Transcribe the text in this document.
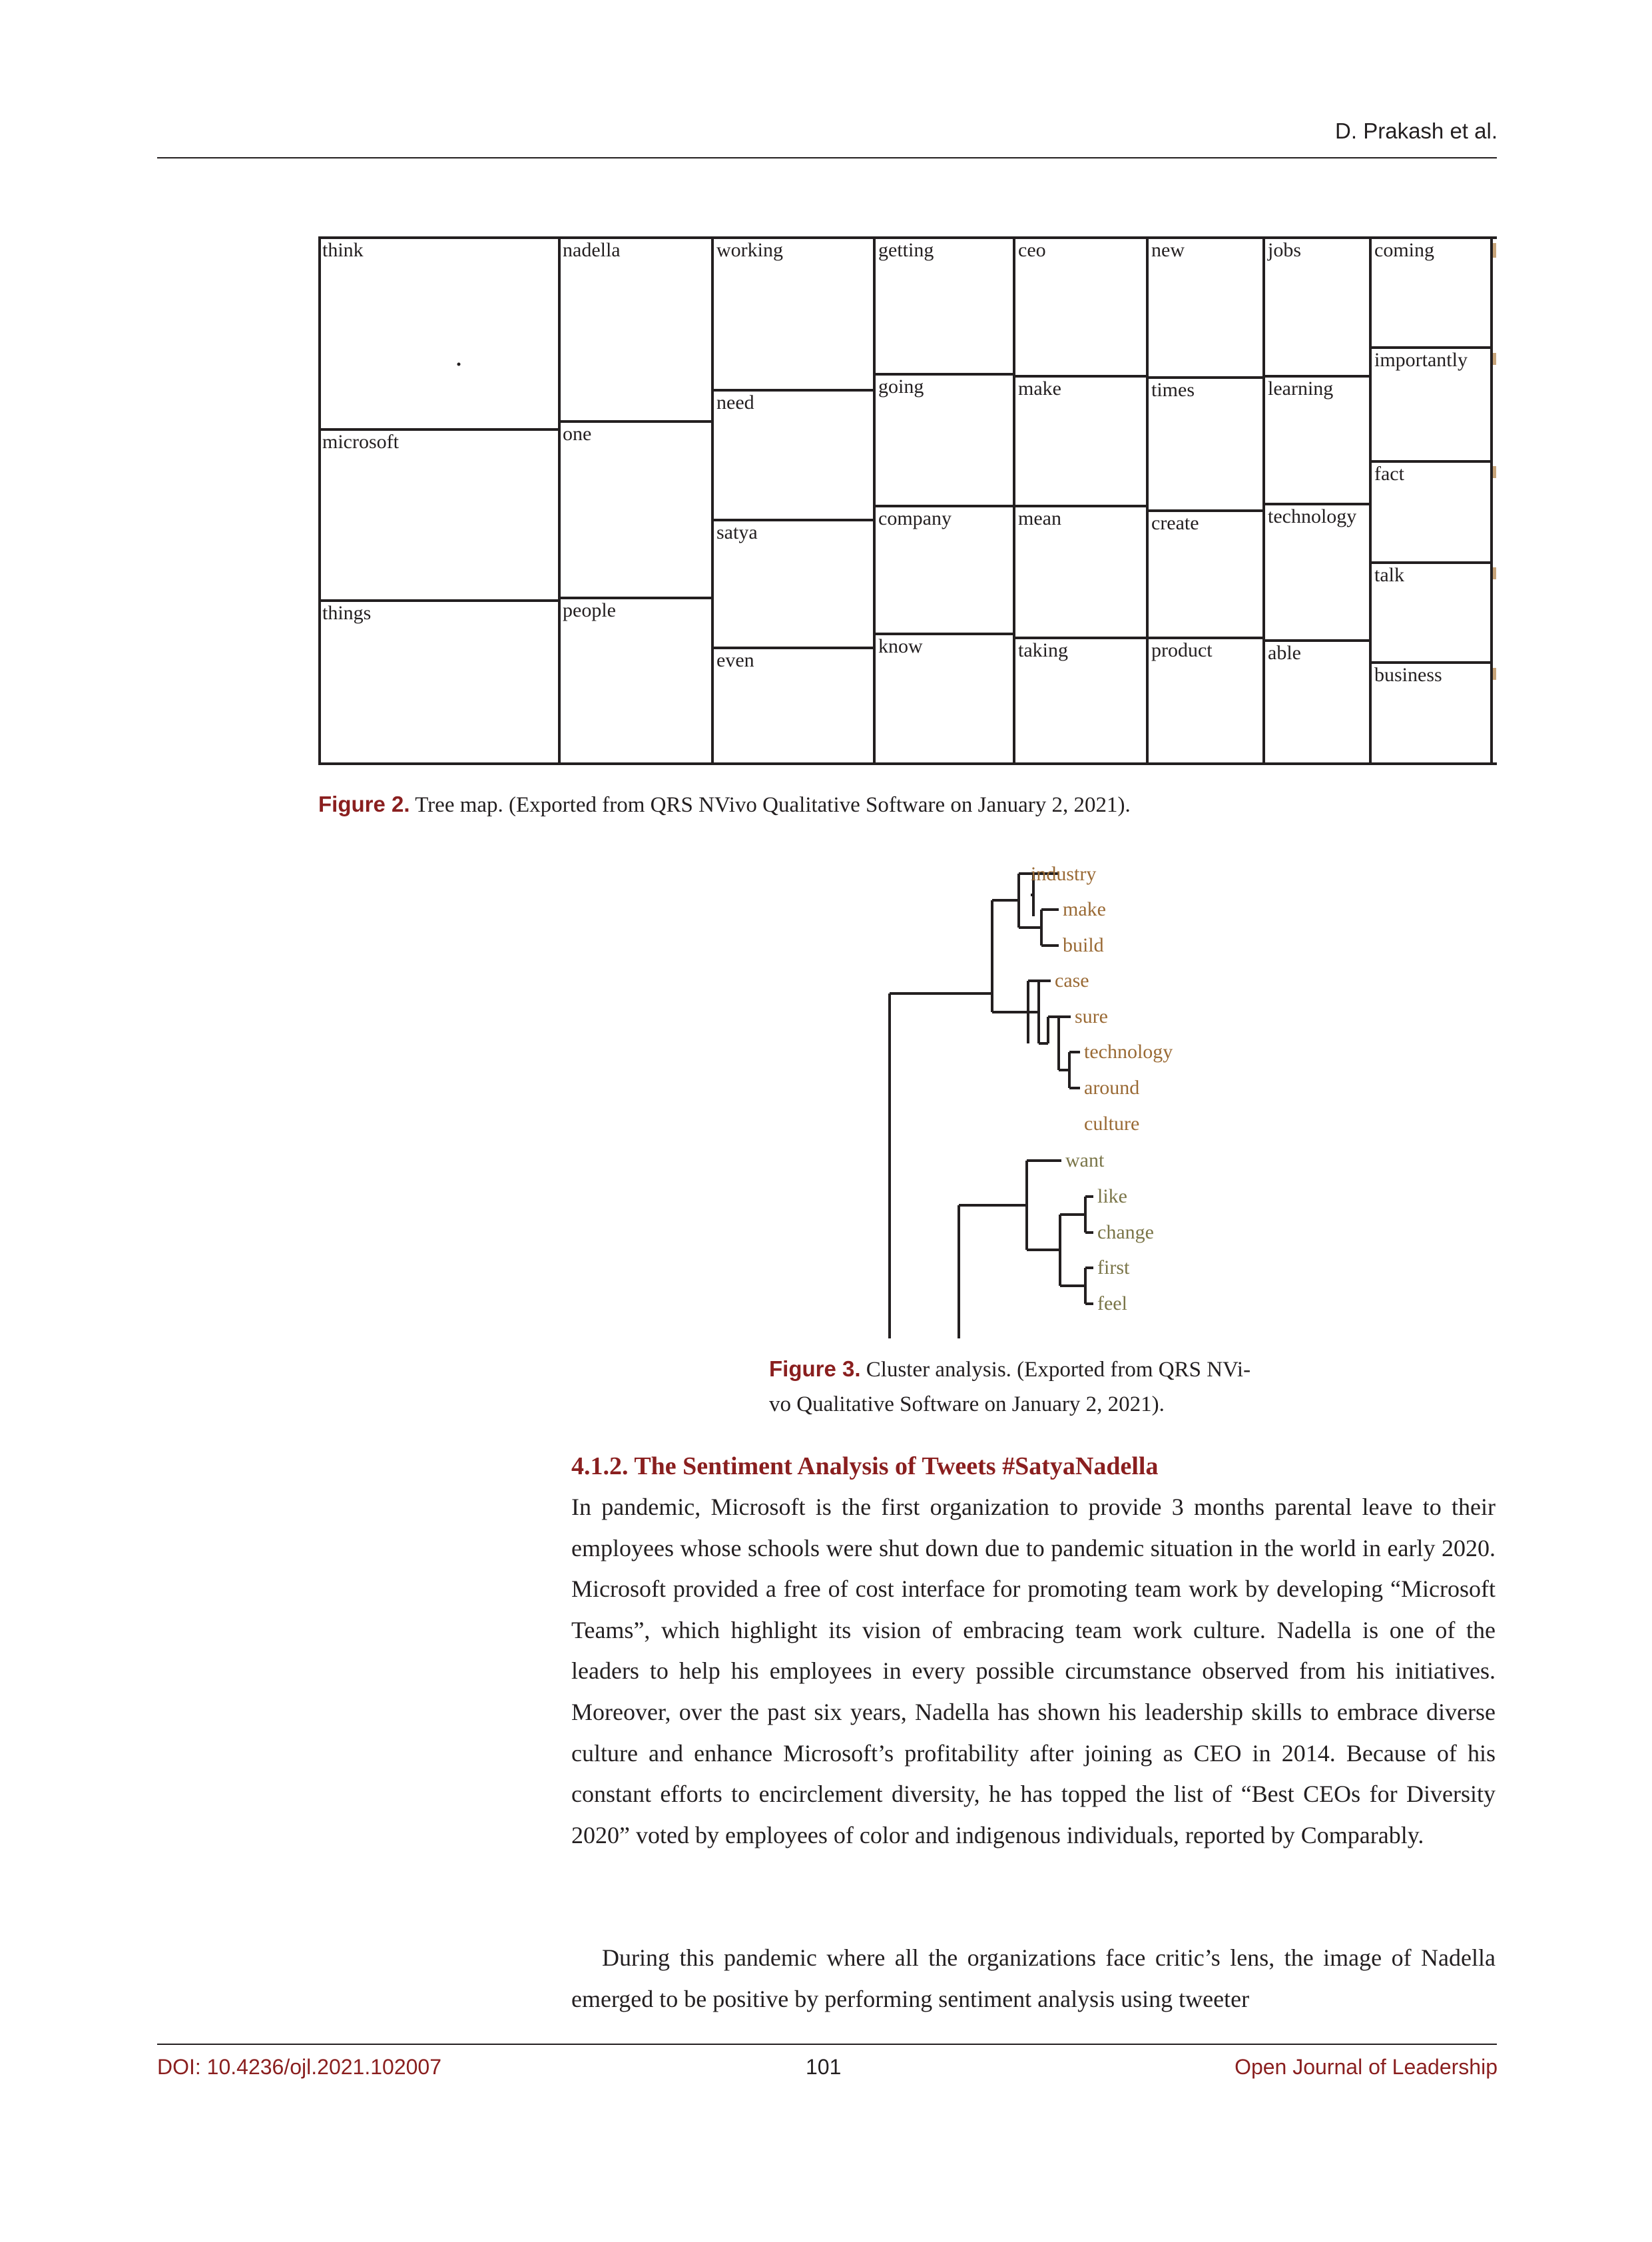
D. Prakash et al.
think
microsoft
things
nadella
one
people
working
need
satya
even
getting
going
company
know
ceo
make
mean
taking
new
times
create
product
jobs
learning
technology
able
coming
importantly
fact
talk
business
Figure 2. Tree map. (Exported from QRS NVivo Qualitative Software on January 2, 2021).
industry
make
build
case
sure
technology
around
culture
want
like
change
first
feel
Figure 3. Cluster analysis. (Exported from QRS NVi-
vo Qualitative Software on January 2, 2021).
4.1.2. The Sentiment Analysis of Tweets #SatyaNadella
In pandemic, Microsoft is the first organization to provide 3 months parental leave to their employees whose schools were shut down due to pandemic situation in the world in early 2020. Microsoft provided a free of cost interface for promoting team work by developing “Microsoft Teams”, which highlight its vision of embracing team work culture. Nadella is one of the leaders to help his employees in every possible circumstance observed from his initiatives. Moreover, over the past six years, Nadella has shown his leadership skills to embrace diverse culture and enhance Microsoft’s profitability after joining as CEO in 2014. Because of his constant efforts to encirclement diversity, he has topped the list of “Best CEOs for Diversity 2020” voted by employees of color and indigenous individuals, reported by Comparably.
During this pandemic where all the organizations face critic’s lens, the image of Nadella emerged to be positive by performing sentiment analysis using tweeter
DOI: 10.4236/ojl.2021.102007	101	Open Journal of Leadership
